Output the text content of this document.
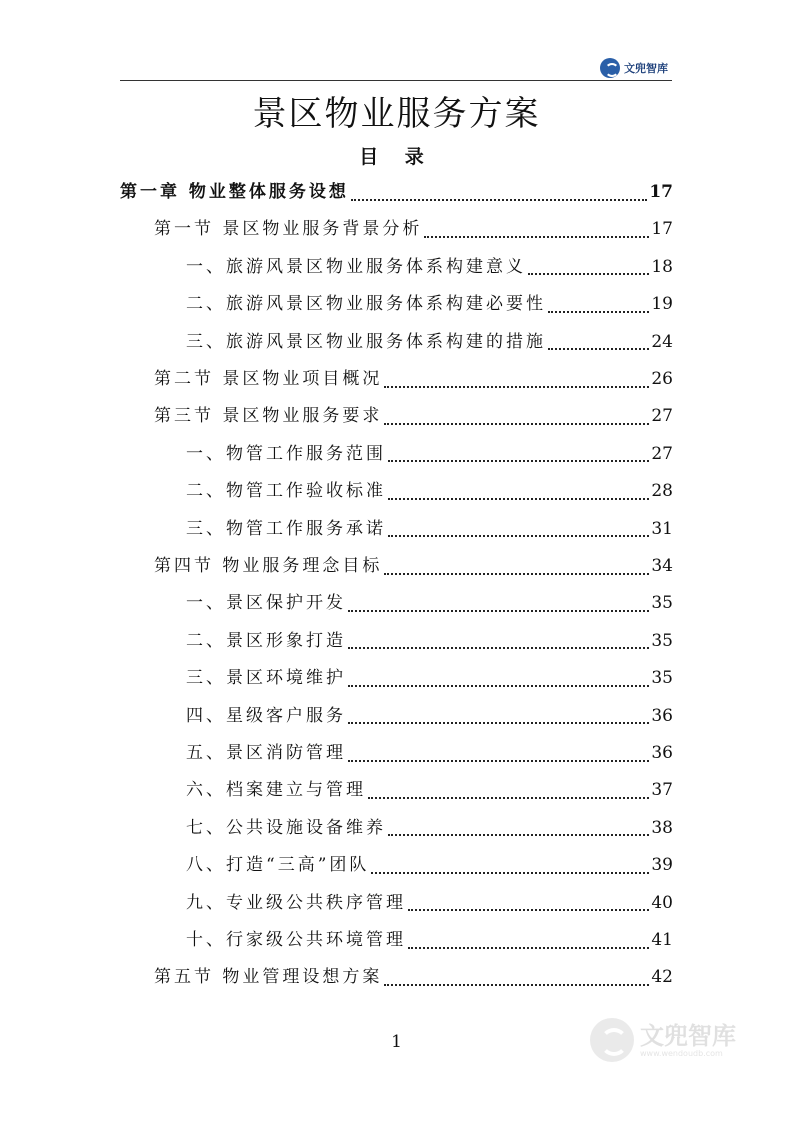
文兜智库
景区物业服务方案
目 录
第一章 物业整体服务设想	17
第一节 景区物业服务背景分析	17
一、旅游风景区物业服务体系构建意义	18
二、旅游风景区物业服务体系构建必要性	19
三、旅游风景区物业服务体系构建的措施	24
第二节 景区物业项目概况	26
第三节 景区物业服务要求	27
一、物管工作服务范围	27
二、物管工作验收标准	28
三、物管工作服务承诺	31
第四节 物业服务理念目标	34
一、景区保护开发	35
二、景区形象打造	35
三、景区环境维护	35
四、星级客户服务	36
五、景区消防管理	36
六、档案建立与管理	37
七、公共设施设备维养	38
八、打造“三高”团队	39
九、专业级公共秩序管理	40
十、行家级公共环境管理	41
第五节 物业管理设想方案	42
1	文兜智库
www.wendoudb.com
